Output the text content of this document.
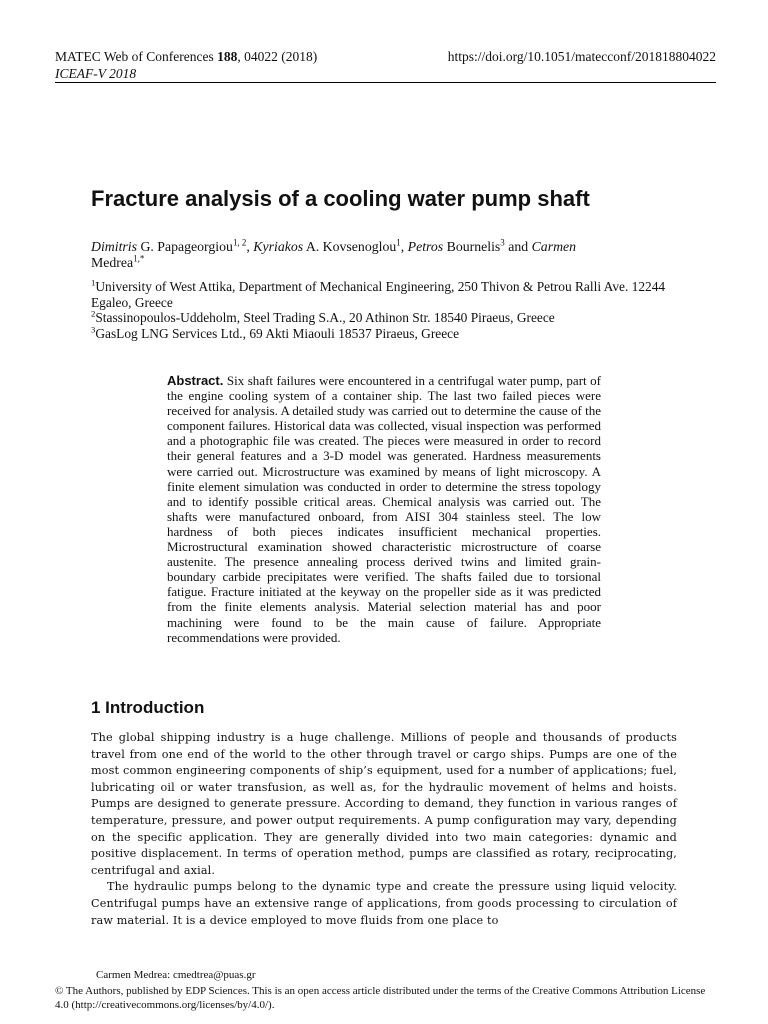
MATEC Web of Conferences 188, 04022 (2018)
ICEAF-V 2018
https://doi.org/10.1051/matecconf/201818804022
Fracture analysis of a cooling water pump shaft
Dimitris G. Papageorgiou$^{1, 2}$, Kyriakos A. Kovsenoglou$^1$, Petros Bournelis$^3$ and Carmen
Medrea$^{1,*}$
$^1$University of West Attika, Department of Mechanical Engineering, 250 Thivon & Petrou Ralli Ave. 12244 Egaleo, Greece
$^2$Stassinopoulos-Uddeholm, Steel Trading S.A., 20 Athinon Str. 18540 Piraeus, Greece
$^3$GasLog LNG Services Ltd., 69 Akti Miaouli 18537 Piraeus, Greece
Abstract. Six shaft failures were encountered in a centrifugal water pump, part of the engine cooling system of a container ship. The last two failed pieces were received for analysis. A detailed study was carried out to determine the cause of the component failures. Historical data was collected, visual inspection was performed and a photographic file was created. The pieces were measured in order to record their general features and a 3-D model was generated. Hardness measurements were carried out. Microstructure was examined by means of light microscopy. A finite element simulation was conducted in order to determine the stress topology and to identify possible critical areas. Chemical analysis was carried out. The shafts were manufactured onboard, from AISI 304 stainless steel. The low hardness of both pieces indicates insufficient mechanical properties. Microstructural examination showed characteristic microstructure of coarse austenite. The presence annealing process derived twins and limited grain-boundary carbide precipitates were verified. The shafts failed due to torsional fatigue. Fracture initiated at the keyway on the propeller side as it was predicted from the finite elements analysis. Material selection material has and poor machining were found to be the main cause of failure. Appropriate recommendations were provided.
1 Introduction

The global shipping industry is a huge challenge. Millions of people and thousands of products travel from one end of the world to the other through travel or cargo ships. Pumps are one of the most common engineering components of ship’s equipment, used for a number of applications; fuel, lubricating oil or water transfusion, as well as, for the hydraulic movement of helms and hoists. Pumps are designed to generate pressure. According to demand, they function in various ranges of temperature, pressure, and power output requirements. A pump configuration may vary, depending on the specific application. They are generally divided into two main categories: dynamic and positive displacement. In terms of operation method, pumps are classified as rotary, reciprocating, centrifugal and axial.

The hydraulic pumps belong to the dynamic type and create the pressure using liquid velocity. Centrifugal pumps have an extensive range of applications, from goods processing to circulation of raw material. It is a device employed to move fluids from one place to

Carmen Medrea: cmedtrea@puas.gr
© The Authors, published by EDP Sciences. This is an open access article distributed under the terms of the Creative Commons Attribution License 4.0 (http://creativecommons.org/licenses/by/4.0/).
